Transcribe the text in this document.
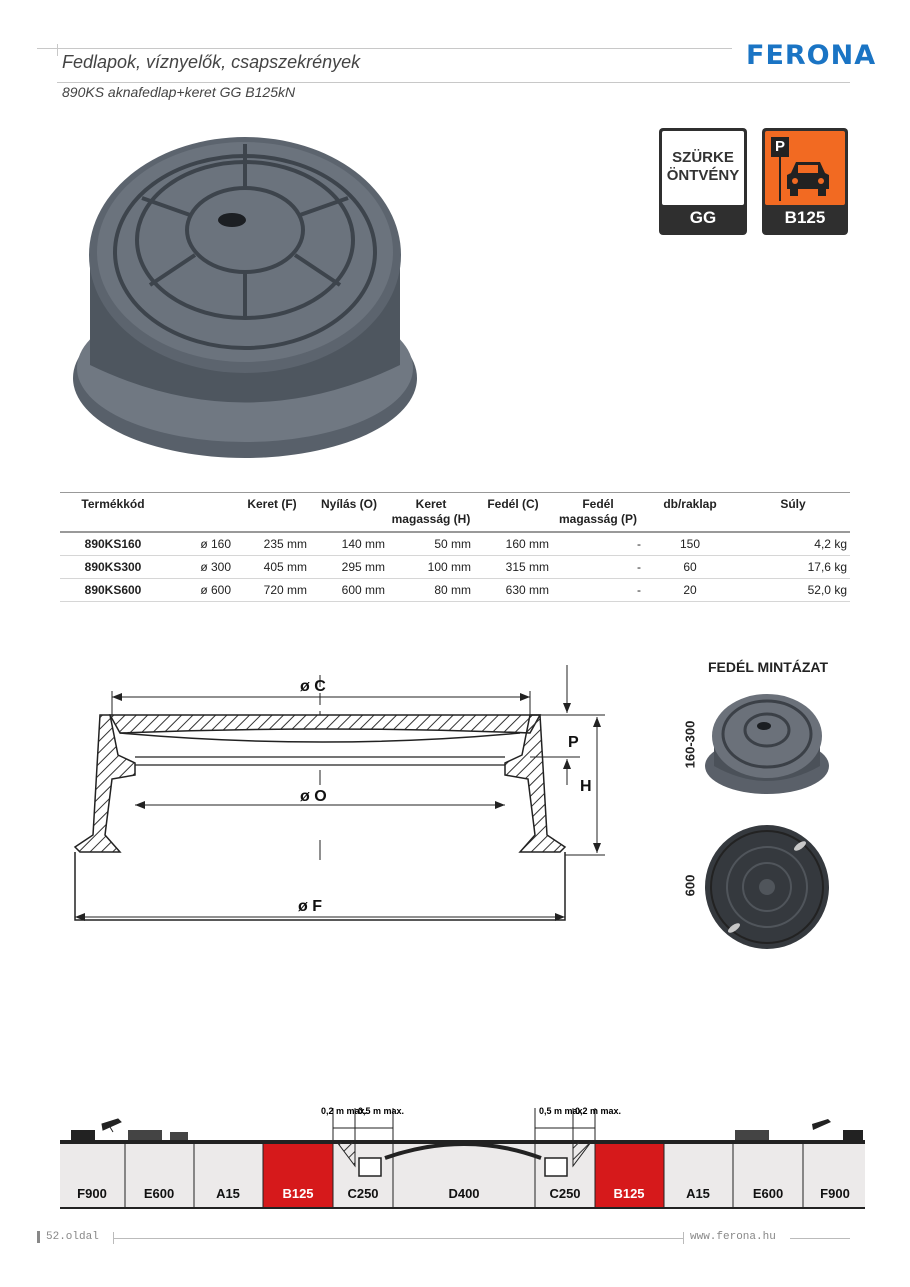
Fedlapok, víznyelők, csapszekrények
890KS aknafedlap+keret GG B125kN
FERONA
SZÜRKE
ÖNTVÉNY
GG
P
B125
Termékkód		Keret (F)	Nyílás (O)	Keret magasság (H)	Fedél (C)	Fedél magasság (P)	db/raklap	Súly
890KS160	ø 160	235 mm	140 mm	50 mm	160 mm	-	150	4,2 kg
890KS300	ø 300	405 mm	295 mm	100 mm	315 mm	-	60	17,6 kg
890KS600	ø 600	720 mm	600 mm	80 mm	630 mm	-	20	52,0 kg
ø C
ø O
ø F
P
H
FEDÉL MINTÁZAT
160-300
600
0,2 m max.
0,5 m max.	0,5 m max.
0,2 m max.
F900	E600	A15	B125	C250	D400	C250	B125	A15	E600	F900
52.oldal	www.ferona.hu
